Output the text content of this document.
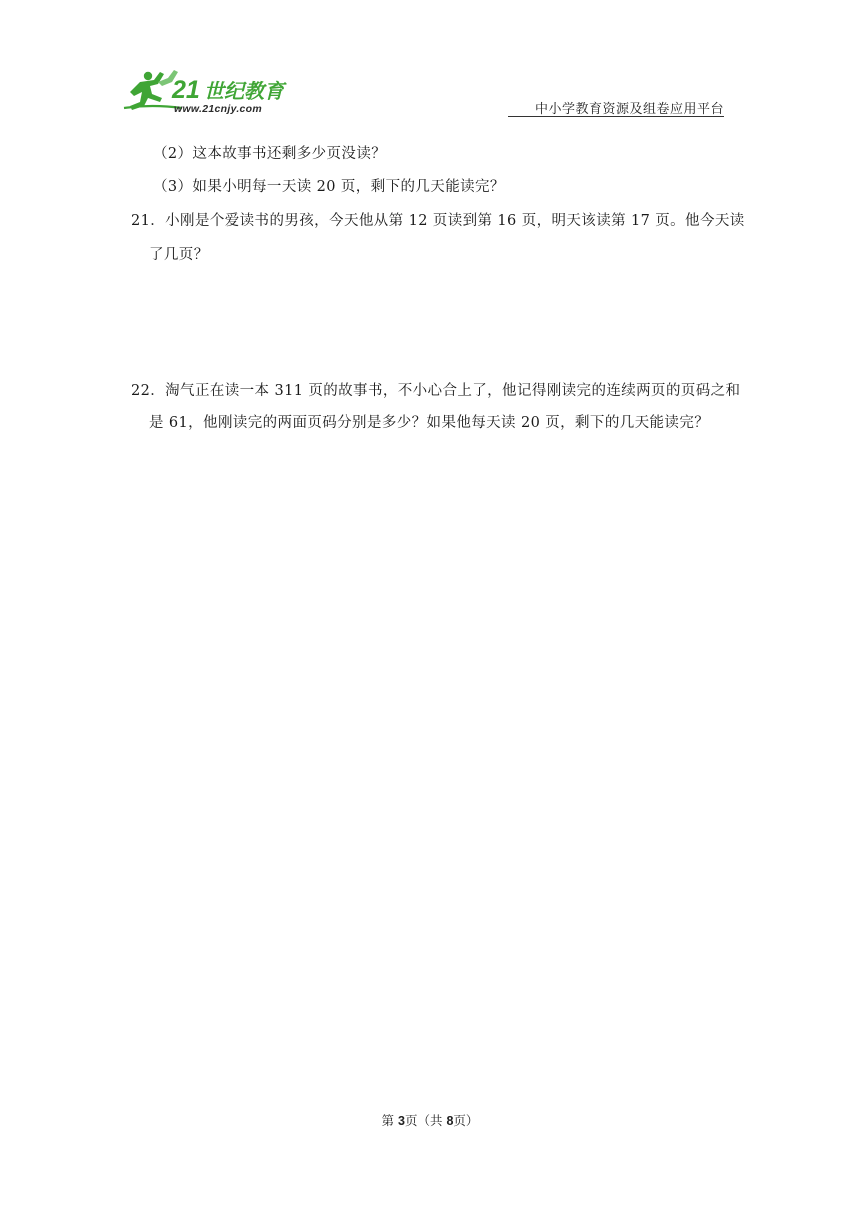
21 世纪教育
www.21cnjy.com	中小学教育资源及组卷应用平台
（2）这本故事书还剩多少页没读？
（3）如果小明每一天读 20 页，剩下的几天能读完？
21．小刚是个爱读书的男孩，今天他从第 12 页读到第 16 页，明天该读第 17 页。他今天读
了几页？
22．淘气正在读一本 311 页的故事书，不小心合上了，他记得刚读完的连续两页的页码之和
是 61，他刚读完的两面页码分别是多少？如果他每天读 20 页，剩下的几天能读完？
第 3页（共 8页）
